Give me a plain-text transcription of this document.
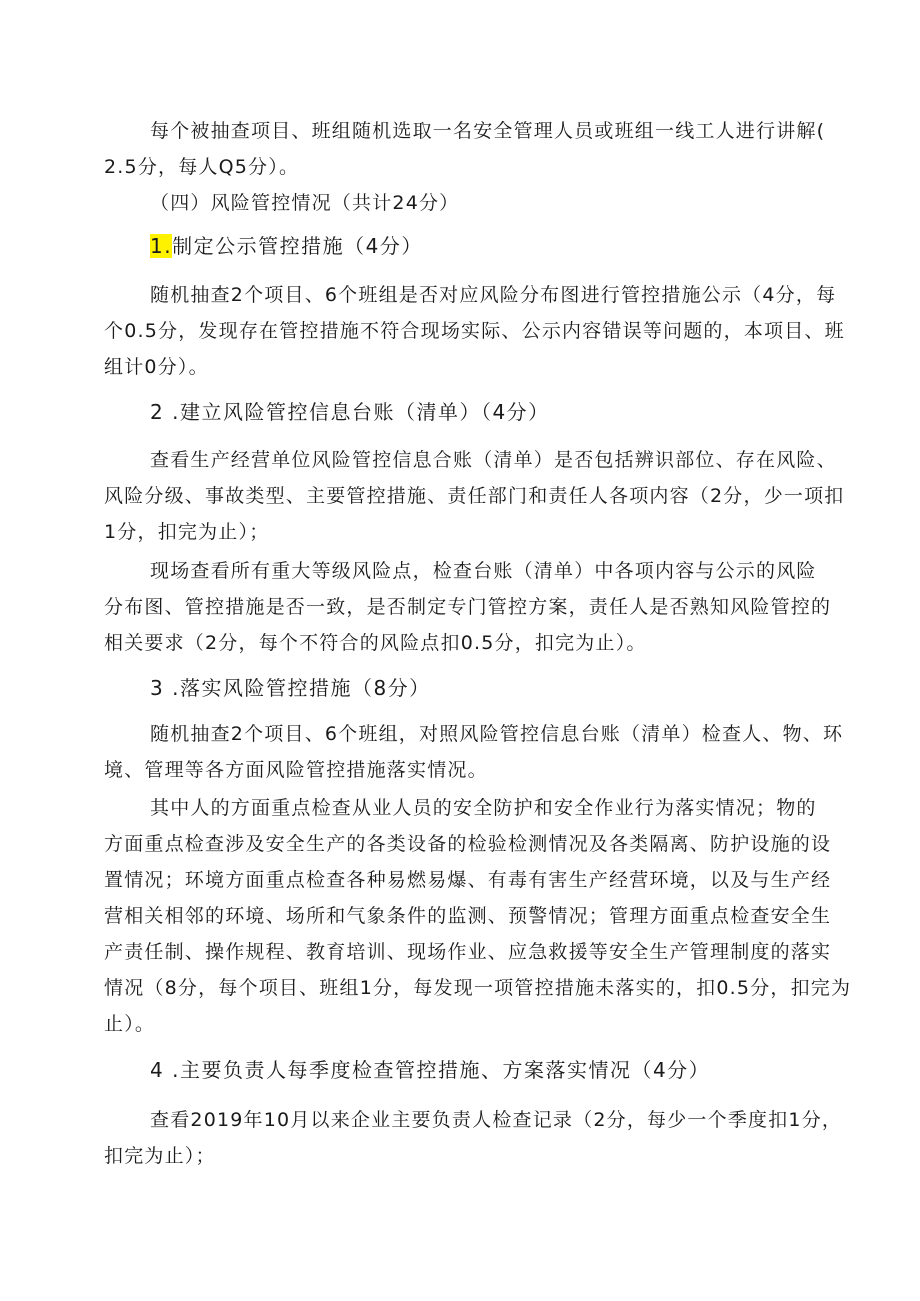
每个被抽查项目、班组随机选取一名安全管理人员或班组一线工人进行讲解(
2.5分，每人Q5分）。
（四）风险管控情况（共计24分）
1.制定公示管控措施（4分）
随机抽查2个项目、6个班组是否对应风险分布图进行管控措施公示（4分，每
个0.5分，发现存在管控措施不符合现场实际、公示内容错误等问题的，本项目、班
组计0分）。
2 .建立风险管控信息台账（清单）（4分）
查看生产经营单位风险管控信息合账（清单）是否包括辨识部位、存在风险、
风险分级、事故类型、主要管控措施、责任部门和责任人各项内容（2分，少一项扣
1分，扣完为止）；
现场查看所有重大等级风险点，检查台账（清单）中各项内容与公示的风险
分布图、管控措施是否一致，是否制定专门管控方案，责任人是否熟知风险管控的
相关要求（2分，每个不符合的风险点扣0.5分，扣完为止）。
3 .落实风险管控措施（8分）
随机抽查2个项目、6个班组，对照风险管控信息台账（清单）检查人、物、环
境、管理等各方面风险管控措施落实情况。
其中人的方面重点检查从业人员的安全防护和安全作业行为落实情况；物的
方面重点检查涉及安全生产的各类设备的检验检测情况及各类隔离、防护设施的设
置情况；环境方面重点检查各种易燃易爆、有毒有害生产经营环境，以及与生产经
营相关相邻的环境、场所和气象条件的监测、预警情况；管理方面重点检查安全生
产责任制、操作规程、教育培训、现场作业、应急救援等安全生产管理制度的落实
情况（8分，每个项目、班组1分，每发现一项管控措施未落实的，扣0.5分，扣完为
止）。
4 .主要负责人每季度检查管控措施、方案落实情况（4分）
查看2019年10月以来企业主要负责人检查记录（2分，每少一个季度扣1分，
扣完为止）；
